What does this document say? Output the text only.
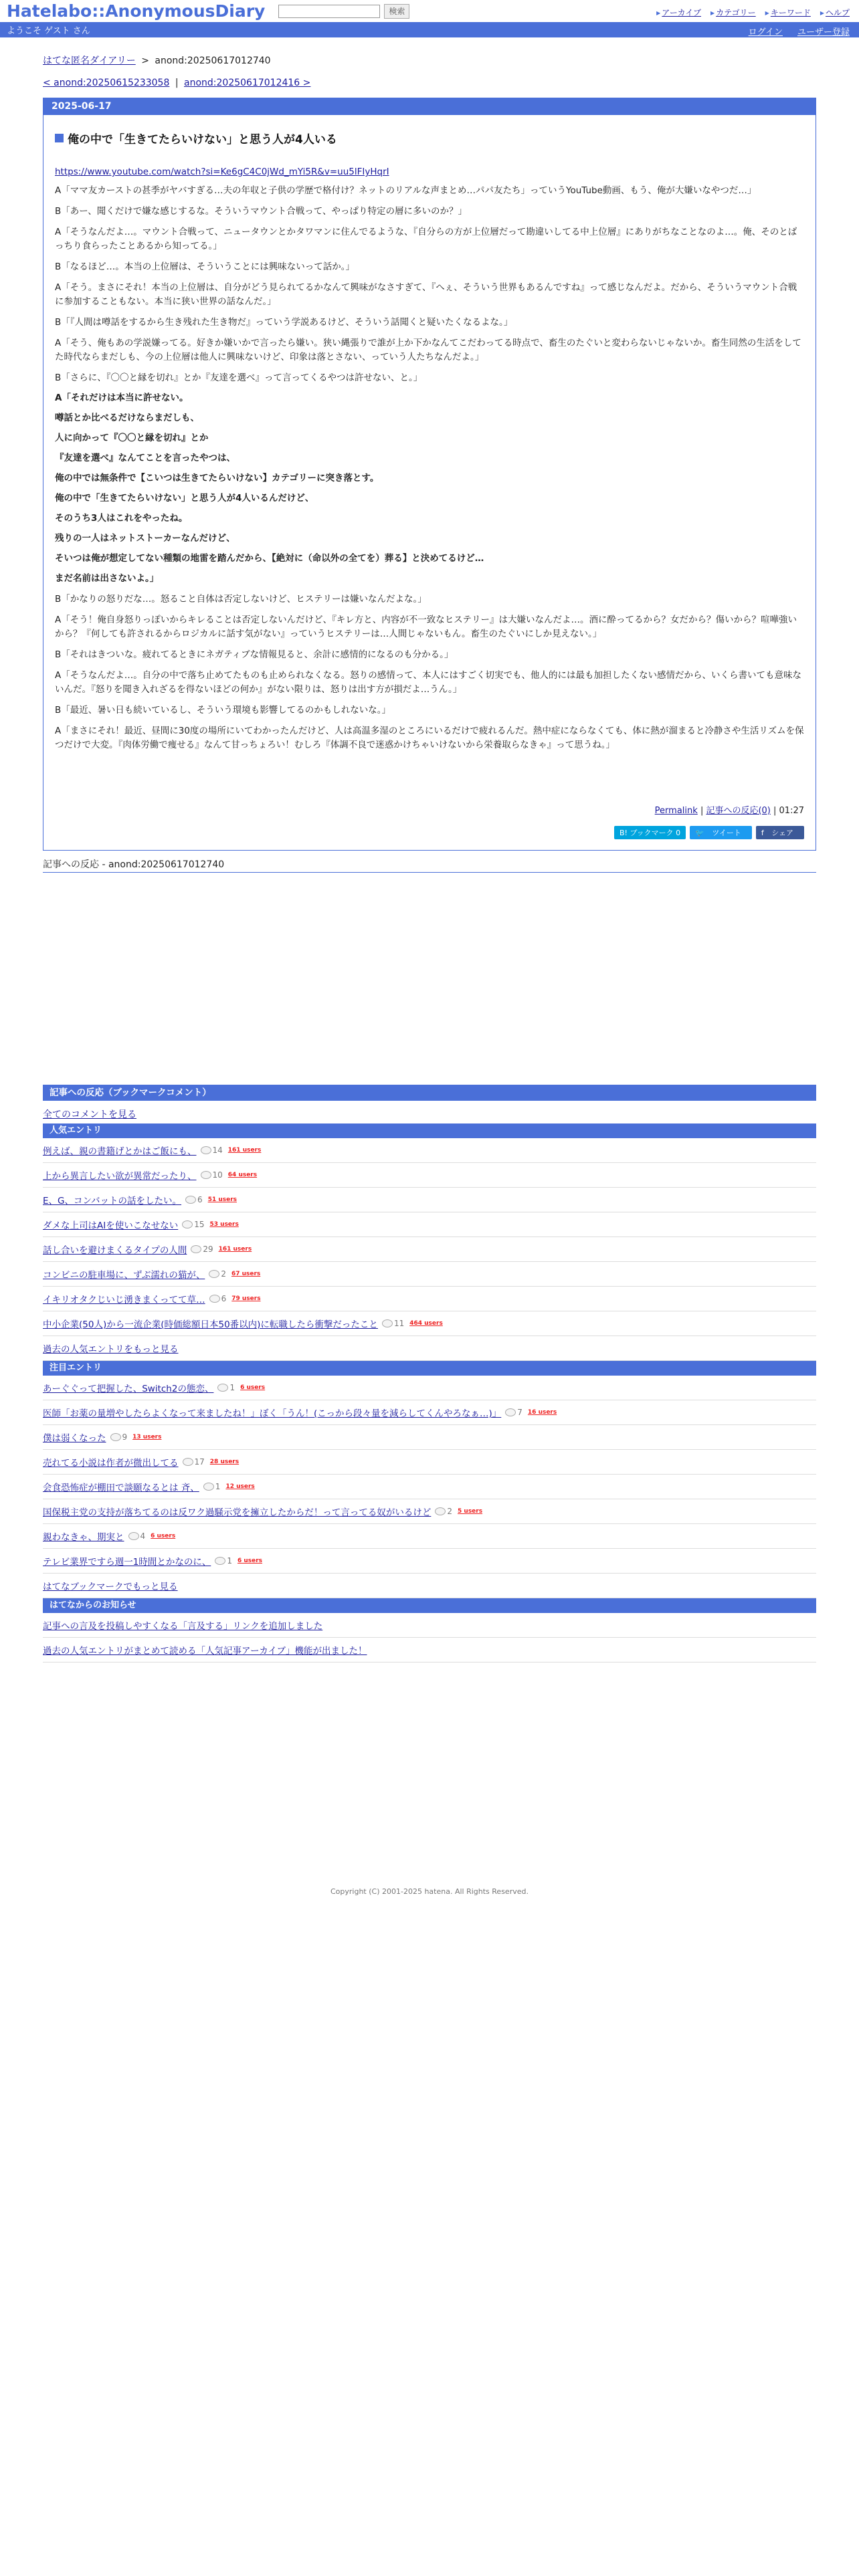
Hatelabo::AnonymousDiary	検索	▶ アーカイブ	▶ カテゴリー	▶ キーワード	▶ ヘルプ
ようこそ ゲスト さん	ログイン ユーザー登録
はてな匿名ダイアリー > anond:20250617012740
< anond:20250615233058 | anond:20250617012416 >
2025-06-17
俺の中で「生きてたらいけない」と思う人が4人いる
https://www.youtube.com/watch?si=Ke6gC4C0jWd_mYi5R&v=uu5lFIyHqrI

A「ママ友カーストの甚季がヤバすぎる…夫の年収と子供の学歴で格付け？ネットのリアルな声まとめ…パパ友たち」っていうYouTube動画、もう、俺が大嫌いなやつだ…」

B「あー、聞くだけで嫌な感じするな。そういうマウント合戦って、やっぱり特定の層に多いのか？」

A「そうなんだよ…。マウント合戦って、ニュータウンとかタワマンに住んでるような、『自分らの方が上位層だって勘違いしてる中上位層』にありがちなことなのよ…。俺、そのとばっちり食らったことあるから知ってる。」

B「なるほど…。本当の上位層は、そういうことには興味ないって話か。」

A「そう。まさにそれ！本当の上位層は、自分がどう見られてるかなんて興味がなさすぎて、『へぇ、そういう世界もあるんですね』って感じなんだよ。だから、そういうマウント合戦に参加することもない。本当に狭い世界の話なんだ。」

B「『人間は噂話をするから生き残れた生き物だ』っていう学説あるけど、そういう話聞くと疑いたくなるよな。」

A「そう、俺もあの学説嫌ってる。好きか嫌いかで言ったら嫌い。狭い縄張りで誰が上か下かなんてこだわってる時点で、畜生のたぐいと変わらないじゃないか。畜生同然の生活をしてた時代ならまだしも、今の上位層は他人に興味ないけど、印象は落とさない、っていう人たちなんだよ。」

B「さらに、『〇〇と縁を切れ』とか『友達を選べ』って言ってくるやつは許せない、と。」

A「それだけは本当に許せない。

噂話とか比べるだけならまだしも、

人に向かって『〇〇と縁を切れ』とか

『友達を選べ』なんてことを言ったやつは、

俺の中では無条件で【こいつは生きてたらいけない】カテゴリーに突き落とす。

俺の中で「生きてたらいけない」と思う人が4人いるんだけど、

そのうち3人はこれをやったね。

残りの一人はネットストーカーなんだけど、

そいつは俺が想定してない種類の地雷を踏んだから、【絶対に（命以外の全てを）葬る】と決めてるけど…

まだ名前は出さないよ。」

B「かなりの怒りだな…。怒ること自体は否定しないけど、ヒステリーは嫌いなんだよな。」

A「そう！俺自身怒りっぽいからキレることは否定しないんだけど、『キレ方と、内容が不一致なヒステリー』は大嫌いなんだよ…。酒に酔ってるから？女だから？傷いから？喧嘩強いから？『何しても許されるからロジカルに話す気がない』っていうヒステリーは…人間じゃないもん。畜生のたぐいにしか見えない。」

B「それはきついな。疲れてるときにネガティブな情報見ると、余計に感情的になるのも分かる。」

A「そうなんだよ…。自分の中で落ち止めてたものも止められなくなる。怒りの感情って、本人にはすごく切実でも、他人的には最も加担したくない感情だから、いくら書いても意味ないんだ。『怒りを聞き入れざるを得ないほどの何か』がない限りは、怒りは出す方が損だよ…うん。」

B「最近、暑い日も続いているし、そういう環境も影響してるのかもしれないな。」

A「まさにそれ！最近、昼間に30度の場所にいてわかったんだけど、人は高温多湿のところにいるだけで疲れるんだ。熱中症にならなくても、体に熱が溜まると冷静さや生活リズムを保つだけで大変。『肉体労働で痩せる』なんて甘っちょろい！むしろ『体調不良で迷惑かけちゃいけないから栄養取らなきゃ』って思うね。」

Permalink | 記事への反応(0) | 01:27
B! ブックマーク 0	🐦 ツイート	f シェア
記事への反応 - anond:20250617012740
記事への反応（ブックマークコメント）
全てのコメントを見る
人気エントリ
例えば、親の書籍げとかはご飯にも、	14 161 users
上から異言したい欲が異常だったり、	10 64 users
E、G、コンバットの話をしたい。	6 51 users
ダメな上司はAIを使いこなせない	15 53 users
話し合いを避けまくるタイプの人間	29 161 users
コンビニの駐車場に、ずぶ濡れの猫が、	2 67 users
イキリオタクじいじ湧きまくってて草…	6 79 users
中小企業(50人)から一流企業(時価総額日本50番以内)に転職したら衝撃だったこと	11 464 users
過去の人気エントリをもっと見る
注目エントリ
あーぐぐって把握した、Switch2の態恋、	1 6 users
医師「お薬の量増やしたらよくなって来ましたね！」ぼく「うん！(こっから段々量を減らしてくんやろなぁ…)」	7 16 users
僕は弱くなった	9 13 users
売れてる小説は作者が微出してる	17 28 users
会食恐怖症が棚田で談願なるとは 斉、	1 12 users
国保税主党の支持が落ちてるのは反ワク過騒示党を擁立したからだ！って言ってる奴がいるけど	2 5 users
親わなきゃ、期実と	4 6 users
テレビ業界ですら週一1時間とかなのに、	1 6 users
はてなブックマークでもっと見る
はてなからのお知らせ
記事への言及を投稿しやすくなる「言及する」リンクを追加しました
過去の人気エントリがまとめて読める「人気記事アーカイブ」機能が出ました！
Copyright (C) 2001-2025 hatena. All Rights Reserved.
